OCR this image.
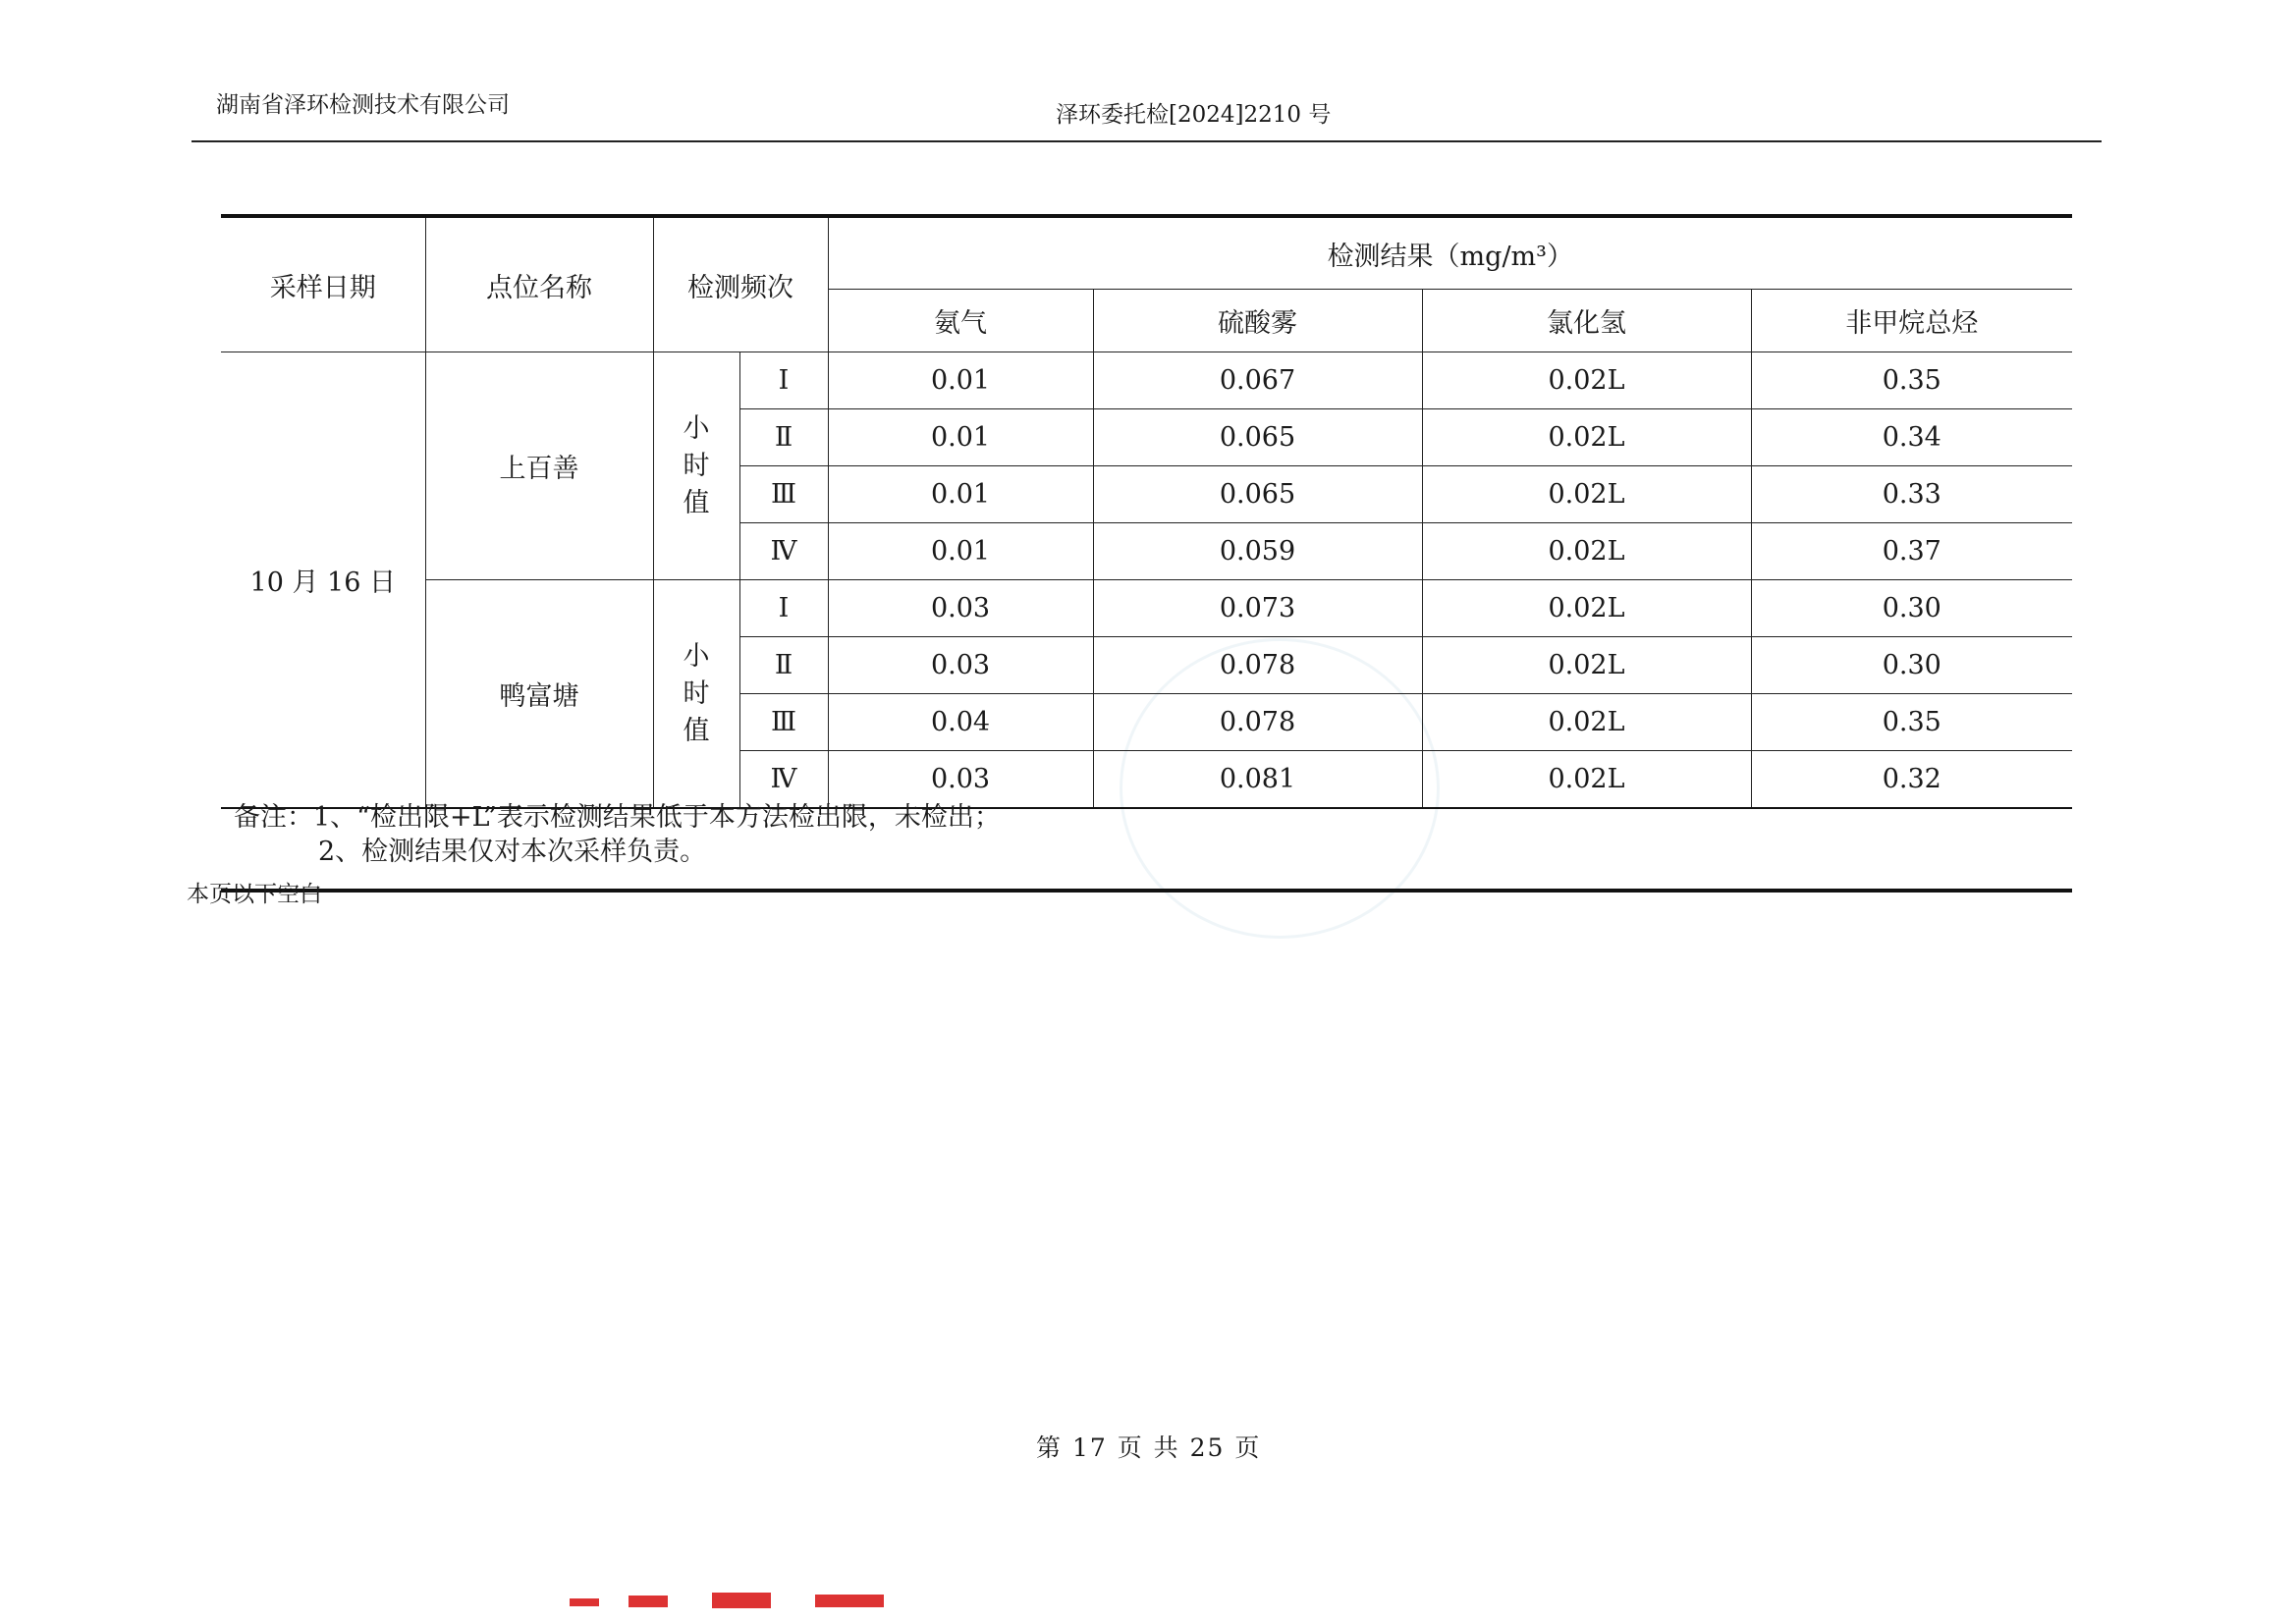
湖南省泽环检测技术有限公司	泽环委托检[2024]2210 号
采样日期	点位名称	检测频次		检测结果（mg/m³）			
				氨气	硫酸雾	氯化氢	非甲烷总烃
10 月 16 日	上百善	小时值	Ⅰ	0.01	0.067	0.02L	0.35
			Ⅱ	0.01	0.065	0.02L	0.34
			Ⅲ	0.01	0.065	0.02L	0.33
			Ⅳ	0.01	0.059	0.02L	0.37
	鸭富塘	小时值	Ⅰ	0.03	0.073	0.02L	0.30
			Ⅱ	0.03	0.078	0.02L	0.30
			Ⅲ	0.04	0.078	0.02L	0.35
			Ⅳ	0.03	0.081	0.02L	0.32
备注：1、“检出限+L”表示检测结果低于本方法检出限，未检出；
2、检测结果仅对本次采样负责。
本页以下空白
第 17 页 共 25 页
